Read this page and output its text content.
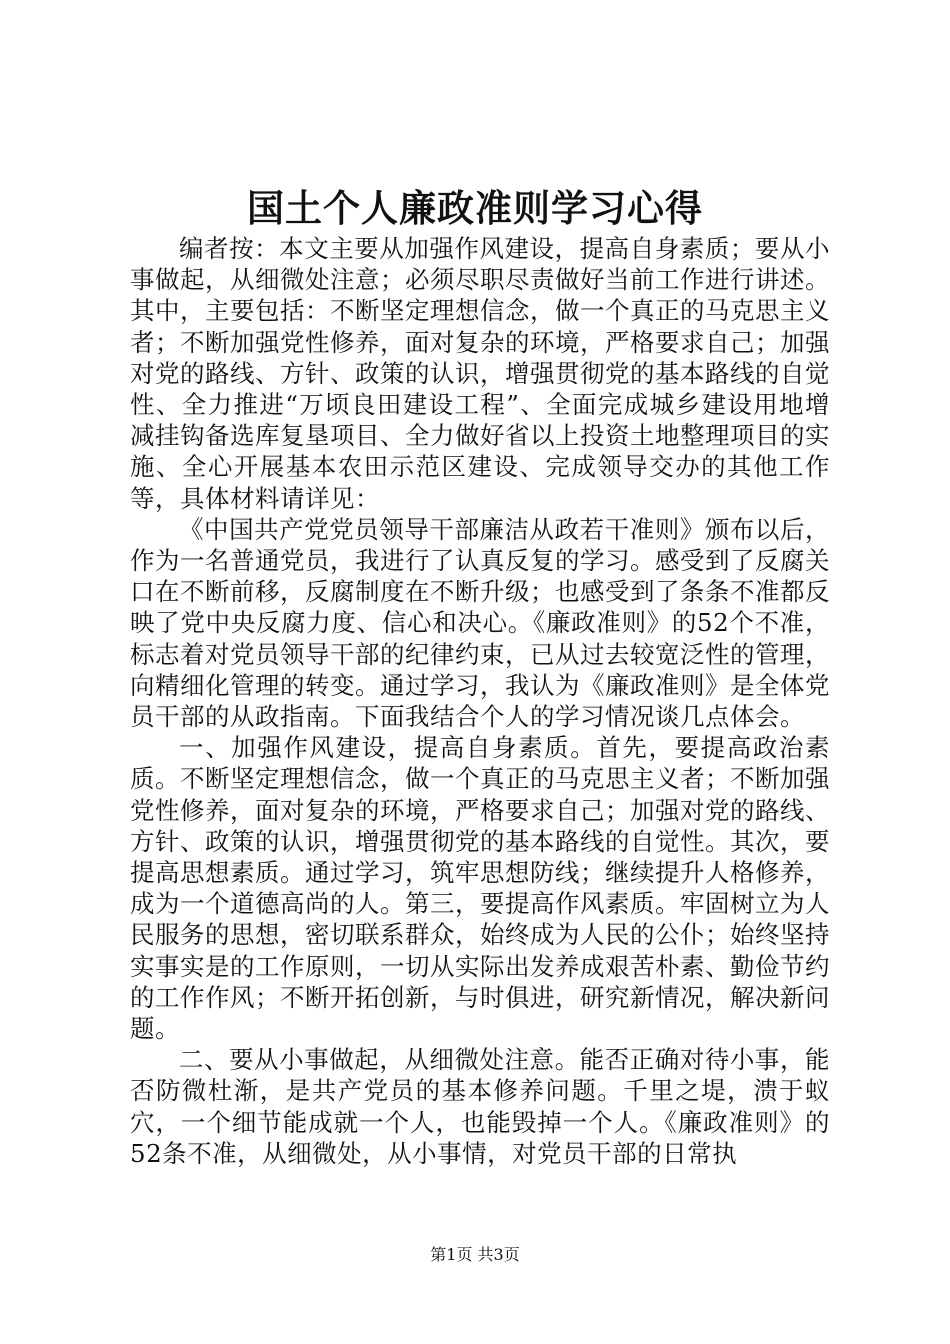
国土个人廉政准则学习心得

编者按：本文主要从加强作风建设，提高自身素质；要从小事做起，从细微处注意；必须尽职尽责做好当前工作进行讲述。其中，主要包括：不断坚定理想信念，做一个真正的马克思主义者；不断加强党性修养，面对复杂的环境，严格要求自己；加强对党的路线、方针、政策的认识，增强贯彻党的基本路线的自觉性、全力推进“万顷良田建设工程”、全面完成城乡建设用地增减挂钩备选库复垦项目、全力做好省以上投资土地整理项目的实施、全心开展基本农田示范区建设、完成领导交办的其他工作等，具体材料请详见：

《中国共产党党员领导干部廉洁从政若干准则》颁布以后，作为一名普通党员，我进行了认真反复的学习。感受到了反腐关口在不断前移，反腐制度在不断升级；也感受到了条条不准都反映了党中央反腐力度、信心和决心。《廉政准则》的52个不准，标志着对党员领导干部的纪律约束，已从过去较宽泛性的管理，向精细化管理的转变。通过学习，我认为《廉政准则》是全体党员干部的从政指南。下面我结合个人的学习情况谈几点体会。

一、加强作风建设，提高自身素质。首先，要提高政治素质。不断坚定理想信念，做一个真正的马克思主义者；不断加强党性修养，面对复杂的环境，严格要求自己；加强对党的路线、方针、政策的认识，增强贯彻党的基本路线的自觉性。其次，要提高思想素质。通过学习，筑牢思想防线；继续提升人格修养，成为一个道德高尚的人。第三，要提高作风素质。牢固树立为人民服务的思想，密切联系群众，始终成为人民的公仆；始终坚持实事实是的工作原则，一切从实际出发养成艰苦朴素、勤俭节约的工作作风；不断开拓创新，与时俱进，研究新情况，解决新问题。

二、要从小事做起，从细微处注意。能否正确对待小事，能否防微杜渐，是共产党员的基本修养问题。千里之堤，溃于蚁穴，一个细节能成就一个人，也能毁掉一个人。《廉政准则》的52条不准，从细微处，从小事情，对党员干部的日常执

第1页 共3页
